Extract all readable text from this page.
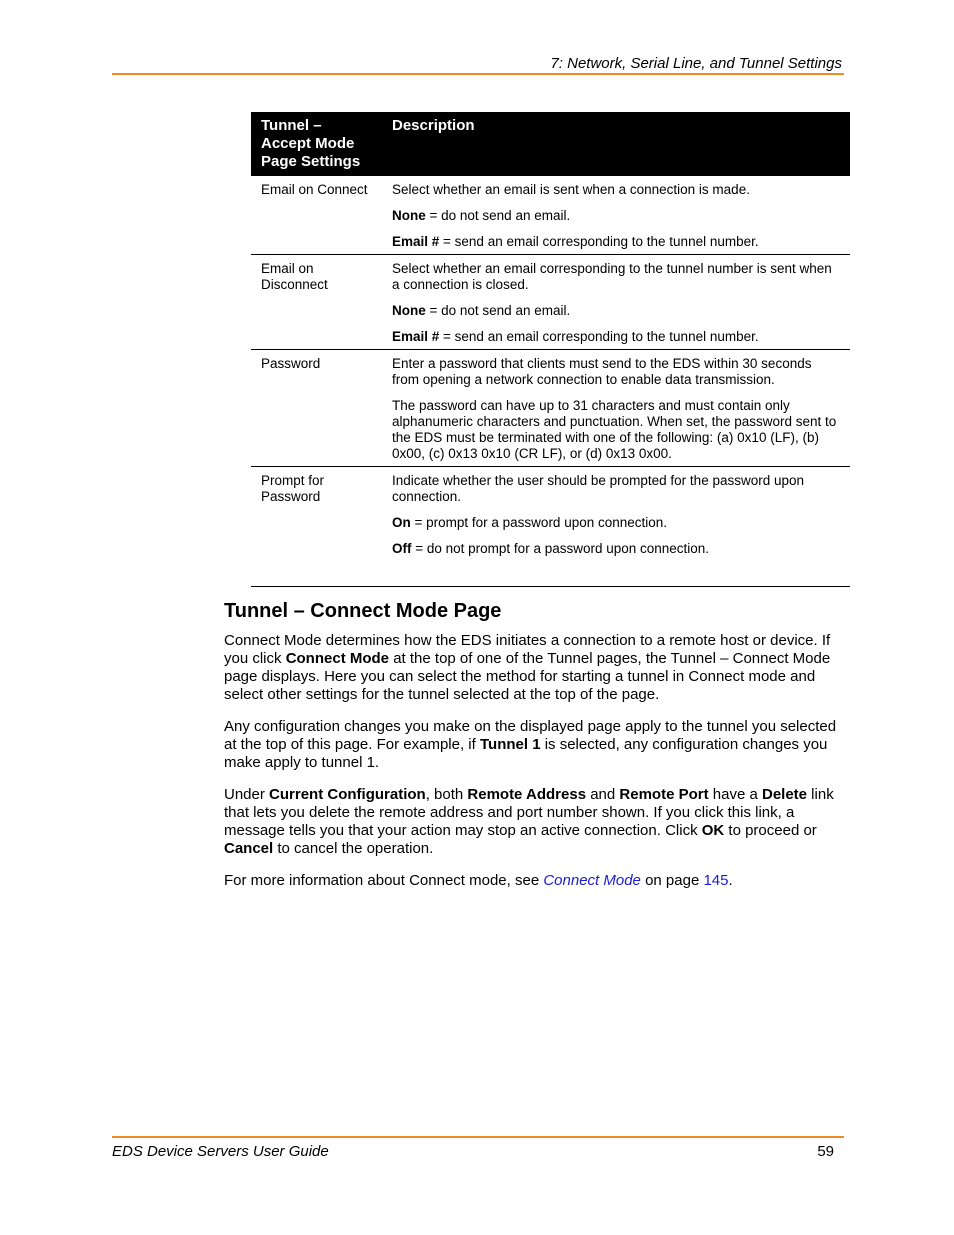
7: Network, Serial Line, and Tunnel Settings
Tunnel – Accept Mode Page Settings	Description
Email on Connect	Select whether an email is sent when a connection is made.

None = do not send an email.

Email # = send an email corresponding to the tunnel number.

Email on Disconnect	Select whether an email corresponding to the tunnel number is sent when a connection is closed.

None = do not send an email.

Email # = send an email corresponding to the tunnel number.

Password	Enter a password that clients must send to the EDS within 30 seconds from opening a network connection to enable data transmission.

The password can have up to 31 characters and must contain only alphanumeric characters and punctuation. When set, the password sent to the EDS must be terminated with one of the following: (a) 0x10 (LF), (b) 0x00, (c) 0x13 0x10 (CR LF), or (d) 0x13 0x00.

Prompt for Password	Indicate whether the user should be prompted for the password upon connection.

On = prompt for a password upon connection.

Off = do not prompt for a password upon connection.

Tunnel – Connect Mode Page

Connect Mode determines how the EDS initiates a connection to a remote host or device. If you click Connect Mode at the top of one of the Tunnel pages, the Tunnel – Connect Mode page displays. Here you can select the method for starting a tunnel in Connect mode and select other settings for the tunnel selected at the top of the page.

Any configuration changes you make on the displayed page apply to the tunnel you selected at the top of this page. For example, if Tunnel 1 is selected, any configuration changes you make apply to tunnel 1.

Under Current Configuration, both Remote Address and Remote Port have a Delete link that lets you delete the remote address and port number shown. If you click this link, a message tells you that your action may stop an active connection. Click OK to proceed or Cancel to cancel the operation.

For more information about Connect mode, see Connect Mode on page 145.

EDS Device Servers User Guide	59
